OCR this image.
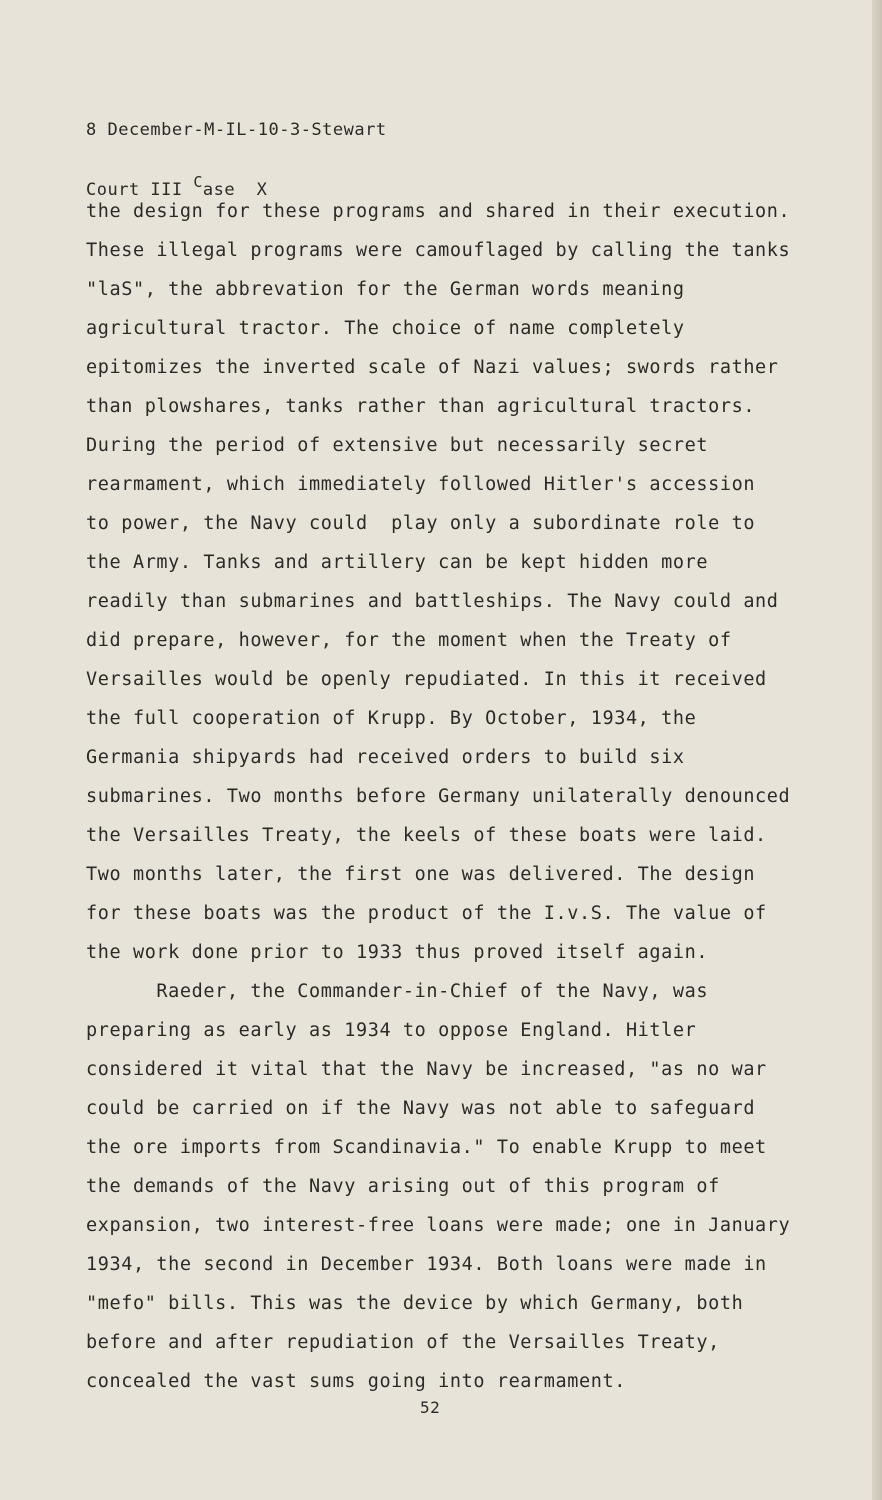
8 December-M-IL-10-3-Stewart

Court III Case  X

the design for these programs and shared in their execution.
These illegal programs were camouflaged by calling the tanks
"laS", the abbrevation for the German words meaning
agricultural tractor. The choice of name completely
epitomizes the inverted scale of Nazi values; swords rather
than plowshares, tanks rather than agricultural tractors.
During the period of extensive but necessarily secret
rearmament, which immediately followed Hitler's accession
to power, the Navy could  play only a subordinate role to
the Army. Tanks and artillery can be kept hidden more
readily than submarines and battleships. The Navy could and
did prepare, however, for the moment when the Treaty of
Versailles would be openly repudiated. In this it received
the full cooperation of Krupp. By October, 1934, the
Germania shipyards had received orders to build six
submarines. Two months before Germany unilaterally denounced
the Versailles Treaty, the keels of these boats were laid.
Two months later, the first one was delivered. The design
for these boats was the product of the I.v.S. The value of
the work done prior to 1933 thus proved itself again.
Raeder, the Commander-in-Chief of the Navy, was
preparing as early as 1934 to oppose England. Hitler
considered it vital that the Navy be increased, "as no war
could be carried on if the Navy was not able to safeguard
the ore imports from Scandinavia." To enable Krupp to meet
the demands of the Navy arising out of this program of
expansion, two interest-free loans were made; one in January
1934, the second in December 1934. Both loans were made in
"mefo" bills. This was the device by which Germany, both
before and after repudiation of the Versailles Treaty,
concealed the vast sums going into rearmament.
52
